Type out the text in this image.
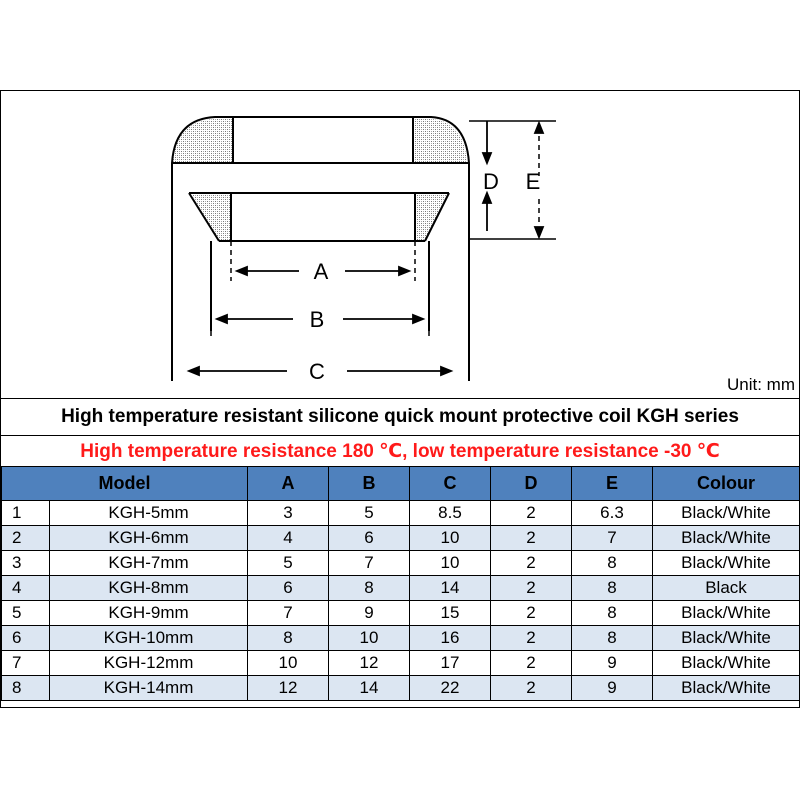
A
B
C
D E
Unit: mm
High temperature resistant silicone quick mount protective coil KGH series
High temperature resistance 180 ℃, low temperature resistance -30 ℃
Model		A	B	C	D	E	Colour
1	KGH-5mm	3	5	8.5	2	6.3	Black/White
2	KGH-6mm	4	6	10	2	7	Black/White
3	KGH-7mm	5	7	10	2	8	Black/White
4	KGH-8mm	6	8	14	2	8	Black
5	KGH-9mm	7	9	15	2	8	Black/White
6	KGH-10mm	8	10	16	2	8	Black/White
7	KGH-12mm	10	12	17	2	9	Black/White
8	KGH-14mm	12	14	22	2	9	Black/White
